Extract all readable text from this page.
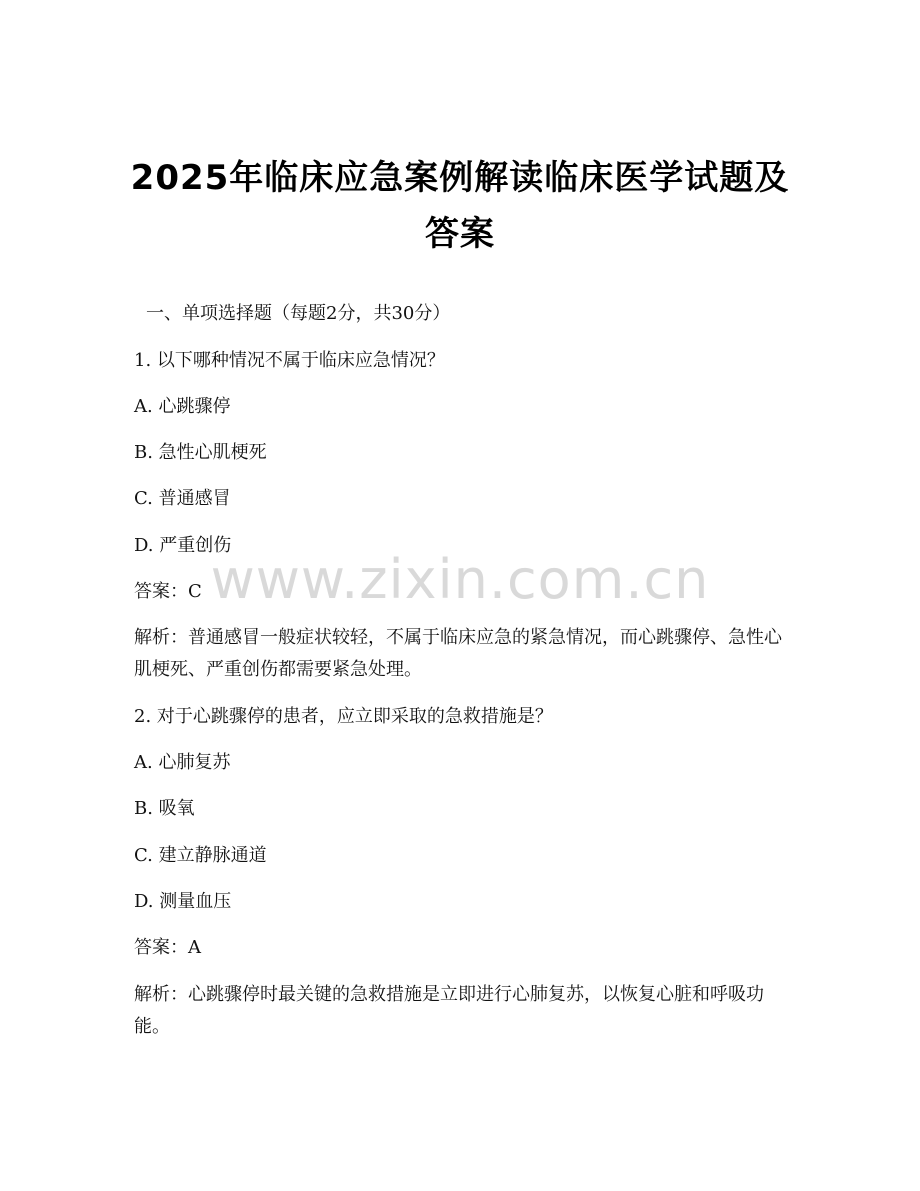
2025年临床应急案例解读临床医学试题及答案
一、单项选择题（每题2分，共30分）
1. 以下哪种情况不属于临床应急情况？
A. 心跳骤停
B. 急性心肌梗死
C. 普通感冒
D. 严重创伤
答案：C
解析：普通感冒一般症状较轻，不属于临床应急的紧急情况，而心跳骤停、急性心肌梗死、严重创伤都需要紧急处理。
2. 对于心跳骤停的患者，应立即采取的急救措施是？
A. 心肺复苏
B. 吸氧
C. 建立静脉通道
D. 测量血压
答案：A
解析：心跳骤停时最关键的急救措施是立即进行心肺复苏，以恢复心脏和呼吸功能。
www.zixin.com.cn
